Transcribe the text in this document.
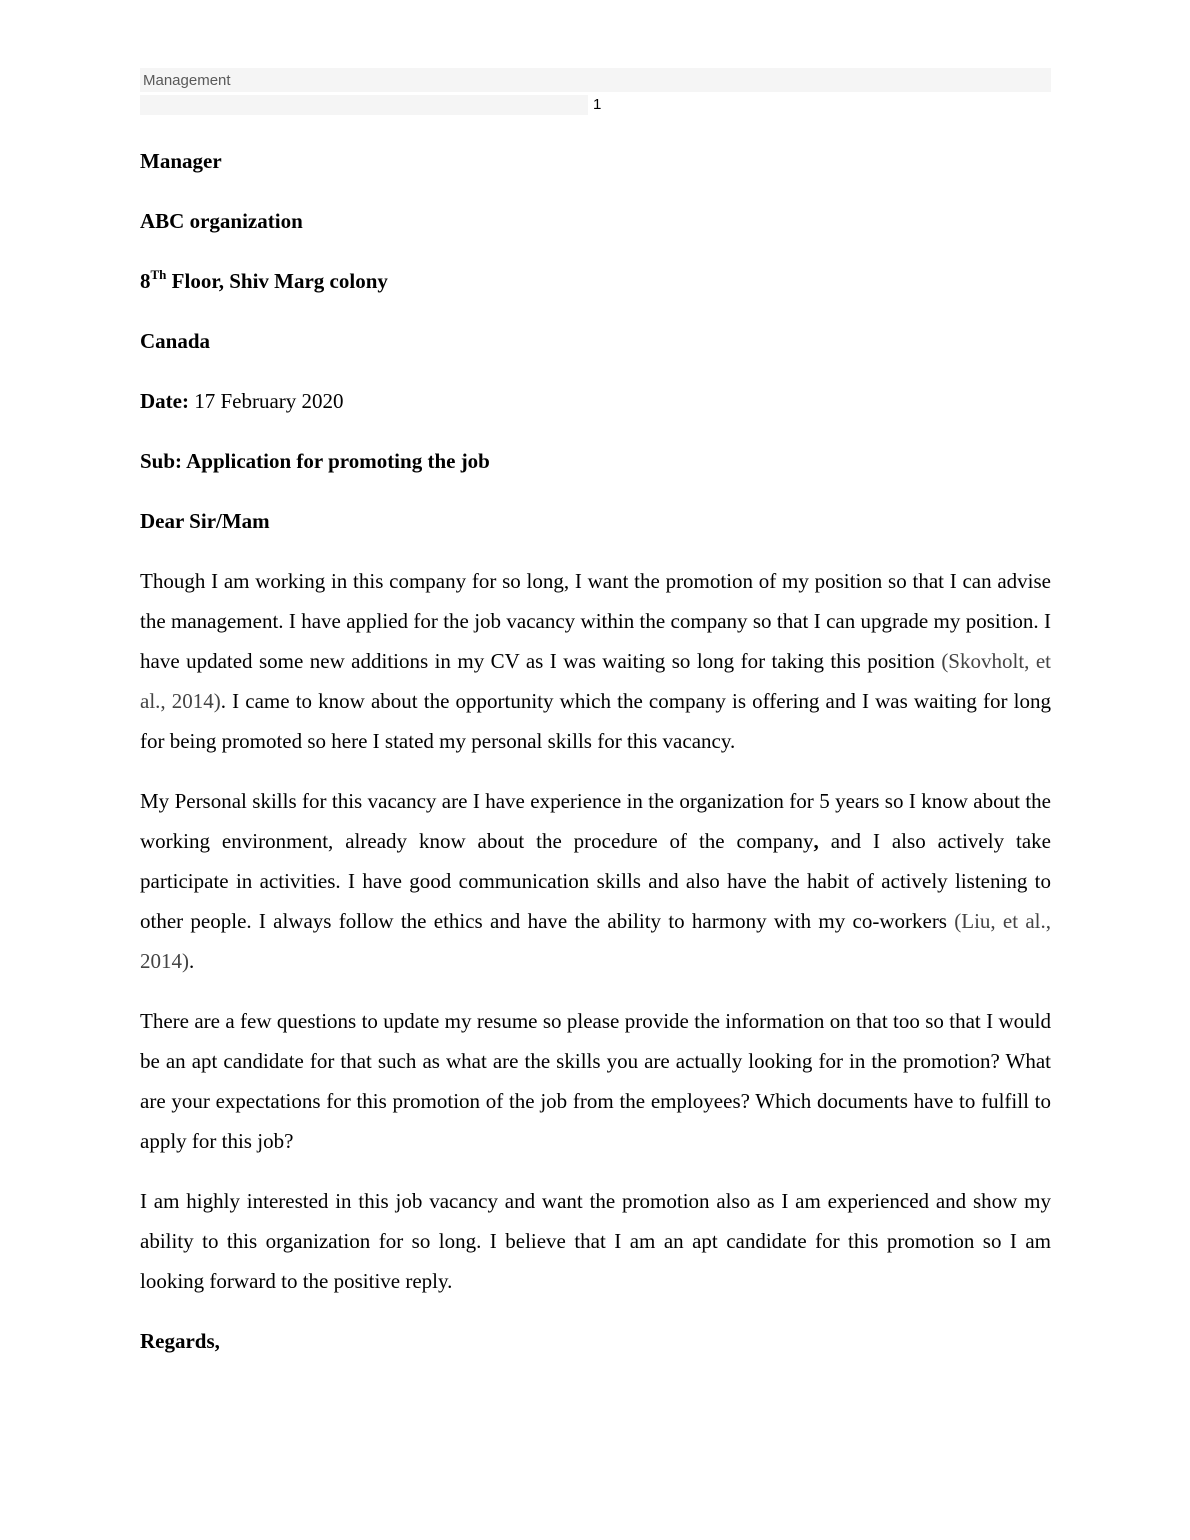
Management
1

Manager

ABC organization

8Th Floor, Shiv Marg colony

Canada

Date: 17 February 2020

Sub: Application for promoting the job

Dear Sir/Mam

Though I am working in this company for so long, I want the promotion of my position so that I can advise the management. I have applied for the job vacancy within the company so that I can upgrade my position. I have updated some new additions in my CV as I was waiting so long for taking this position (Skovholt, et al., 2014). I came to know about the opportunity which the company is offering and I was waiting for long for being promoted so here I stated my personal skills for this vacancy.

My Personal skills for this vacancy are I have experience in the organization for 5 years so I know about the working environment, already know about the procedure of the company, and I also actively take participate in activities. I have good communication skills and also have the habit of actively listening to other people. I always follow the ethics and have the ability to harmony with my co-workers (Liu, et al., 2014).

There are a few questions to update my resume so please provide the information on that too so that I would be an apt candidate for that such as what are the skills you are actually looking for in the promotion? What are your expectations for this promotion of the job from the employees? Which documents have to fulfill to apply for this job?

I am highly interested in this job vacancy and want the promotion also as I am experienced and show my ability to this organization for so long. I believe that I am an apt candidate for this promotion so I am looking forward to the positive reply.

Regards,
